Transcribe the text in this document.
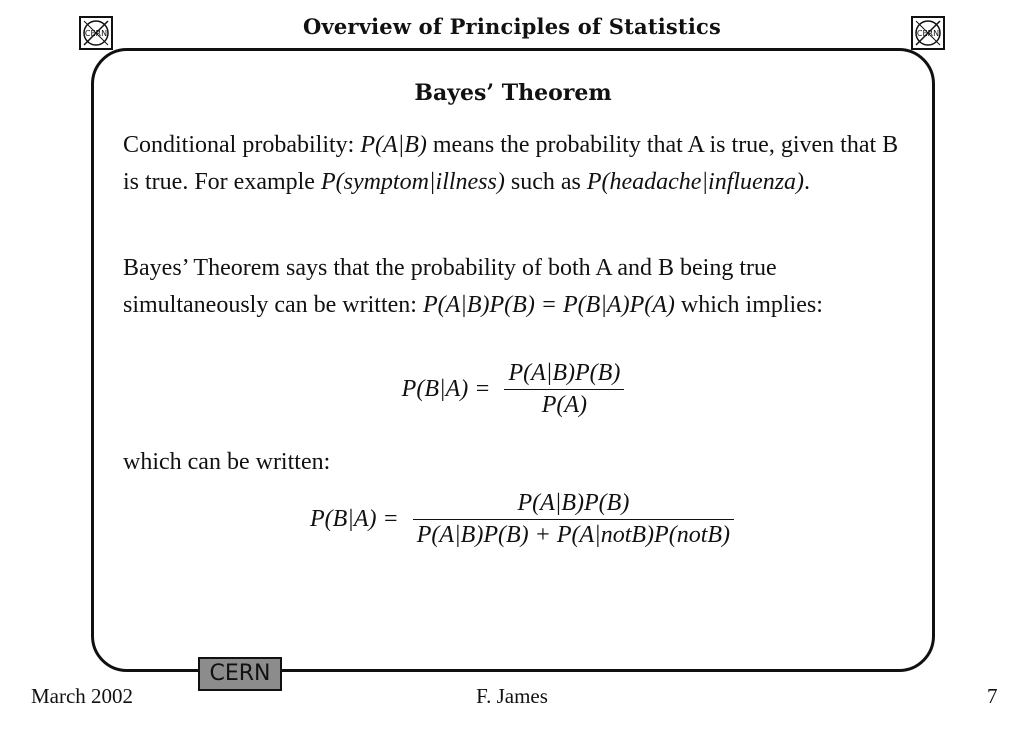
CERN	Overview of Principles of Statistics	CERN
Bayes’ Theorem
Conditional probability: P(A|B) means the probability that A is true, given that B is true. For example P(symptom|illness) such as P(headache|influenza).
Bayes’ Theorem says that the probability of both A and B being true simultaneously can be written: P(A|B)P(B) = P(B|A)P(A) which implies:
$P(B|A) = \frac{P(A|B)P(B)}{P(A)}$
which can be written:
$P(B|A) = \frac{P(A|B)P(B)}{\text{P(A|B)P(B) + P(A|notB)P(notB)}}$
CERN
March 2002	F. James	7
